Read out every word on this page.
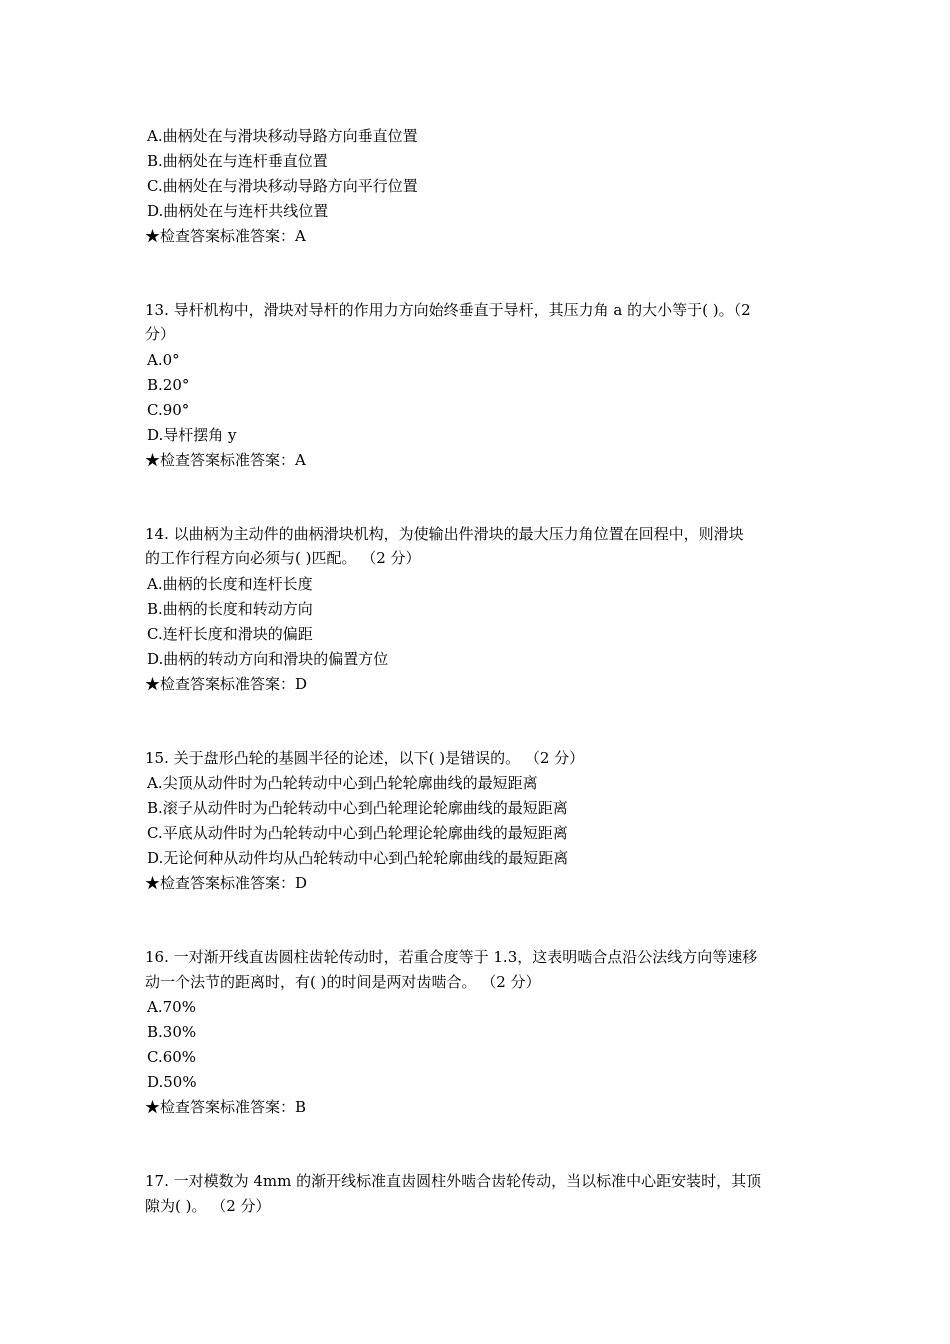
A.曲柄处在与滑块移动导路方向垂直位置
B.曲柄处在与连杆垂直位置
C.曲柄处在与滑块移动导路方向平行位置
D.曲柄处在与连杆共线位置
★检查答案标准答案：A
13. 导杆机构中，滑块对导杆的作用力方向始终垂直于导杆，其压力角 a 的大小等于( )。（2
分）
A.0°
B.20°
C.90°
D.导杆摆角 y
★检查答案标准答案：A
14. 以曲柄为主动件的曲柄滑块机构，为使输出件滑块的最大压力角位置在回程中，则滑块
的工作行程方向必须与( )匹配。 （2 分）
A.曲柄的长度和连杆长度
B.曲柄的长度和转动方向
C.连杆长度和滑块的偏距
D.曲柄的转动方向和滑块的偏置方位
★检查答案标准答案：D
15. 关于盘形凸轮的基圆半径的论述，以下( )是错误的。 （2 分）
A.尖顶从动件时为凸轮转动中心到凸轮轮廓曲线的最短距离
B.滚子从动件时为凸轮转动中心到凸轮理论轮廓曲线的最短距离
C.平底从动件时为凸轮转动中心到凸轮理论轮廓曲线的最短距离
D.无论何种从动件均从凸轮转动中心到凸轮轮廓曲线的最短距离
★检查答案标准答案：D
16. 一对渐开线直齿圆柱齿轮传动时，若重合度等于 1.3，这表明啮合点沿公法线方向等速移
动一个法节的距离时，有( )的时间是两对齿啮合。 （2 分）
A.70%
B.30%
C.60%
D.50%
★检查答案标准答案：B
17. 一对模数为 4mm 的渐开线标准直齿圆柱外啮合齿轮传动，当以标准中心距安装时，其顶
隙为( )。 （2 分）
